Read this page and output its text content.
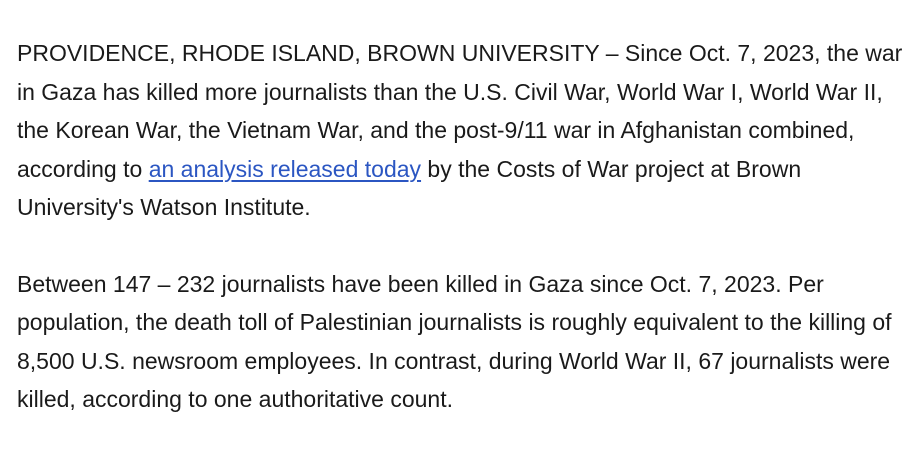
PROVIDENCE, RHODE ISLAND, BROWN UNIVERSITY – Since Oct. 7, 2023, the war in Gaza has killed more journalists than the U.S. Civil War, World War I, World War II, the Korean War, the Vietnam War, and the post-9/11 war in Afghanistan combined, according to an analysis released today by the Costs of War project at Brown University's Watson Institute.

Between 147 – 232 journalists have been killed in Gaza since Oct. 7, 2023. Per population, the death toll of Palestinian journalists is roughly equivalent to the killing of 8,500 U.S. newsroom employees. In contrast, during World War II, 67 journalists were killed, according to one authoritative count.
